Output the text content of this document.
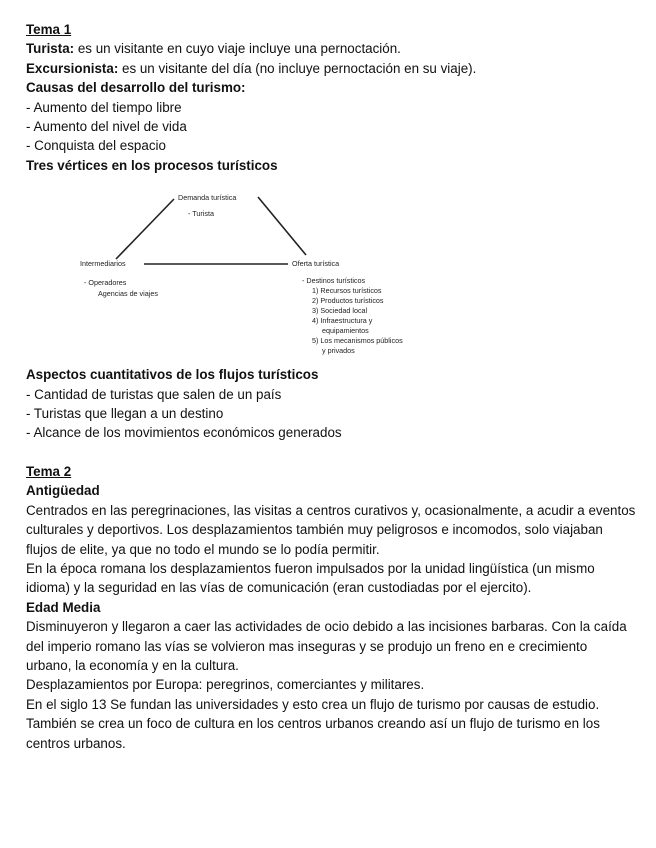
Tema 1
Turista: es un visitante en cuyo viaje incluye una pernoctación.
Excursionista: es un visitante del día (no incluye pernoctación en su viaje).
Causas del desarrollo del turismo:
- Aumento del tiempo libre
- Aumento del nivel de vida
- Conquista del espacio
Tres vértices en los procesos turísticos
Demanda turística
- Turista
Intermediarios
- Operadores
Agencias de viajes
Oferta turística
- Destinos turísticos
1) Recursos turísticos
2) Productos turísticos
3) Sociedad local
4) Infraestructura y
equipamientos
5) Los mecanismos públicos
y privados
Aspectos cuantitativos de los flujos turísticos
- Cantidad de turistas que salen de un país
- Turistas que llegan a un destino
- Alcance de los movimientos económicos generados
Tema 2
Antigüedad
Centrados en las peregrinaciones, las visitas a centros curativos y, ocasionalmente, a acudir a eventos culturales y deportivos. Los desplazamientos también muy peligrosos e incomodos, solo viajaban flujos de elite, ya que no todo el mundo se lo podía permitir.
En la época romana los desplazamientos fueron impulsados por la unidad lingüística (un mismo idioma) y la seguridad en las vías de comunicación (eran custodiadas por el ejercito).
Edad Media
Disminuyeron y llegaron a caer las actividades de ocio debido a las incisiones barbaras. Con la caída del imperio romano las vías se volvieron mas inseguras y se produjo un freno en e crecimiento urbano, la economía y en la cultura.
Desplazamientos por Europa: peregrinos, comerciantes y militares.
En el siglo 13 Se fundan las universidades y esto crea un flujo de turismo por causas de estudio. También se crea un foco de cultura en los centros urbanos creando así un flujo de turismo en los centros urbanos.
